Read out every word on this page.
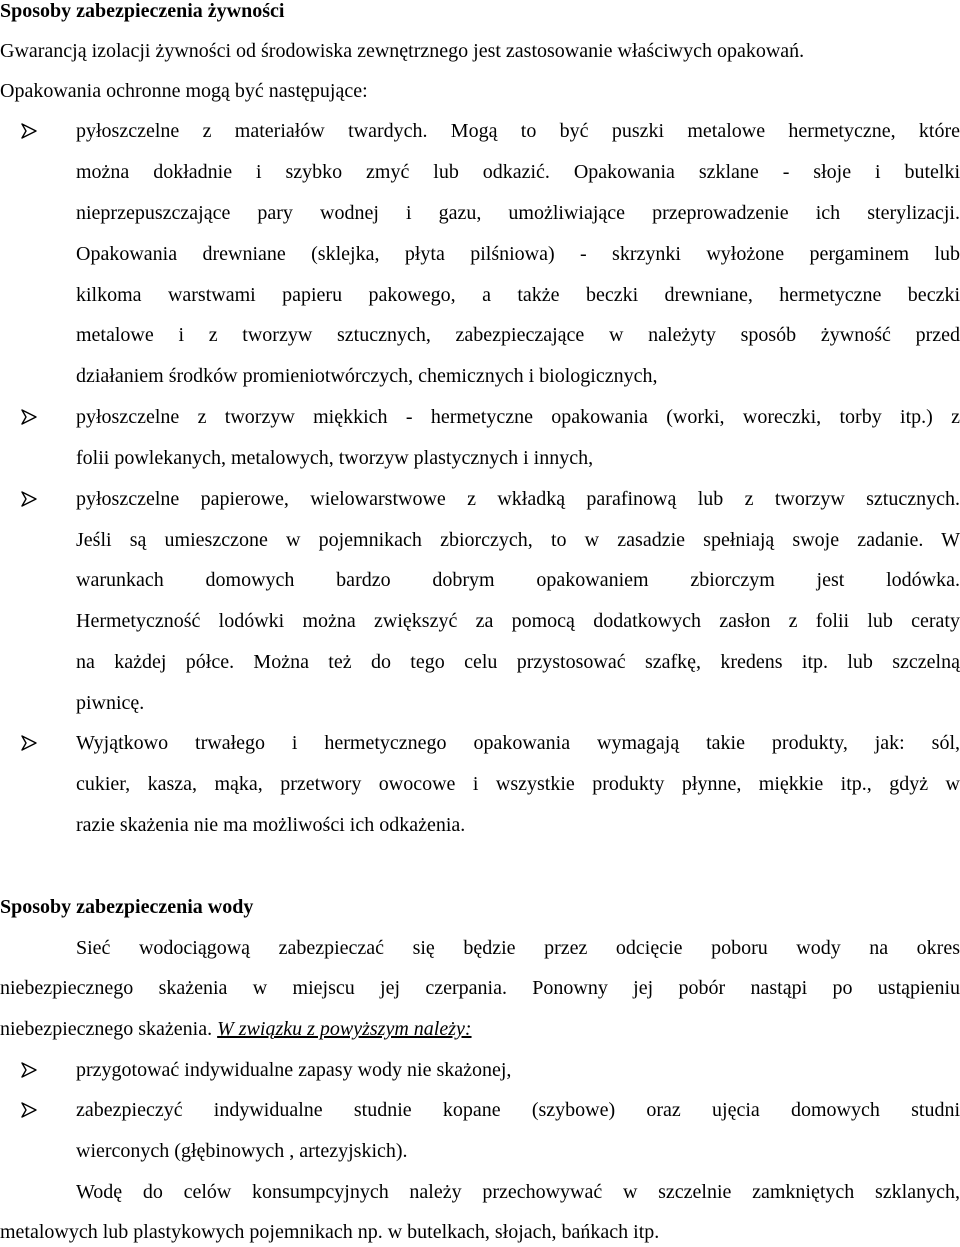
Sposoby zabezpieczenia żywności

Gwarancją izolacji żywności od środowiska zewnętrznego jest zastosowanie właściwych opakowań.

Opakowania ochronne mogą być następujące:

pyłoszczelne z materiałów twardych. Mogą to być puszki metalowe hermetyczne, które

można dokładnie i szybko zmyć lub odkazić. Opakowania szklane - słoje i butelki

nieprzepuszczające pary wodnej i gazu, umożliwiające przeprowadzenie ich sterylizacji.

Opakowania drewniane (sklejka, płyta pilśniowa) - skrzynki wyłożone pergaminem lub

kilkoma warstwami papieru pakowego, a także beczki drewniane, hermetyczne beczki

metalowe i z tworzyw sztucznych, zabezpieczające w należyty sposób żywność przed

działaniem środków promieniotwórczych, chemicznych i biologicznych,

pyłoszczelne z tworzyw miękkich - hermetyczne opakowania (worki, woreczki, torby itp.) z

folii powlekanych, metalowych, tworzyw plastycznych i innych,

pyłoszczelne papierowe, wielowarstwowe z wkładką parafinową lub z tworzyw sztucznych.

Jeśli są umieszczone w pojemnikach zbiorczych, to w zasadzie spełniają swoje zadanie. W

warunkach domowych bardzo dobrym opakowaniem zbiorczym jest lodówka.

Hermetyczność lodówki można zwiększyć za pomocą dodatkowych zasłon z folii lub ceraty

na każdej półce. Można też do tego celu przystosować szafkę, kredens itp. lub szczelną

piwnicę.

Wyjątkowo trwałego i hermetycznego opakowania wymagają takie produkty, jak: sól,

cukier, kasza, mąka, przetwory owocowe i wszystkie produkty płynne, miękkie itp., gdyż w

razie skażenia nie ma możliwości ich odkażenia.

Sposoby zabezpieczenia wody

Sieć wodociągową zabezpieczać się będzie przez odcięcie poboru wody na okres

niebezpiecznego skażenia w miejscu jej czerpania. Ponowny jej pobór nastąpi po ustąpieniu

niebezpiecznego skażenia. W związku z powyższym należy:

przygotować indywidualne zapasy wody nie skażonej,

zabezpieczyć indywidualne studnie kopane (szybowe) oraz ujęcia domowych studni

wierconych (głębinowych , artezyjskich).

Wodę do celów konsumpcyjnych należy przechowywać w szczelnie zamkniętych szklanych,

metalowych lub plastykowych pojemnikach np. w butelkach, słojach, bańkach itp.
